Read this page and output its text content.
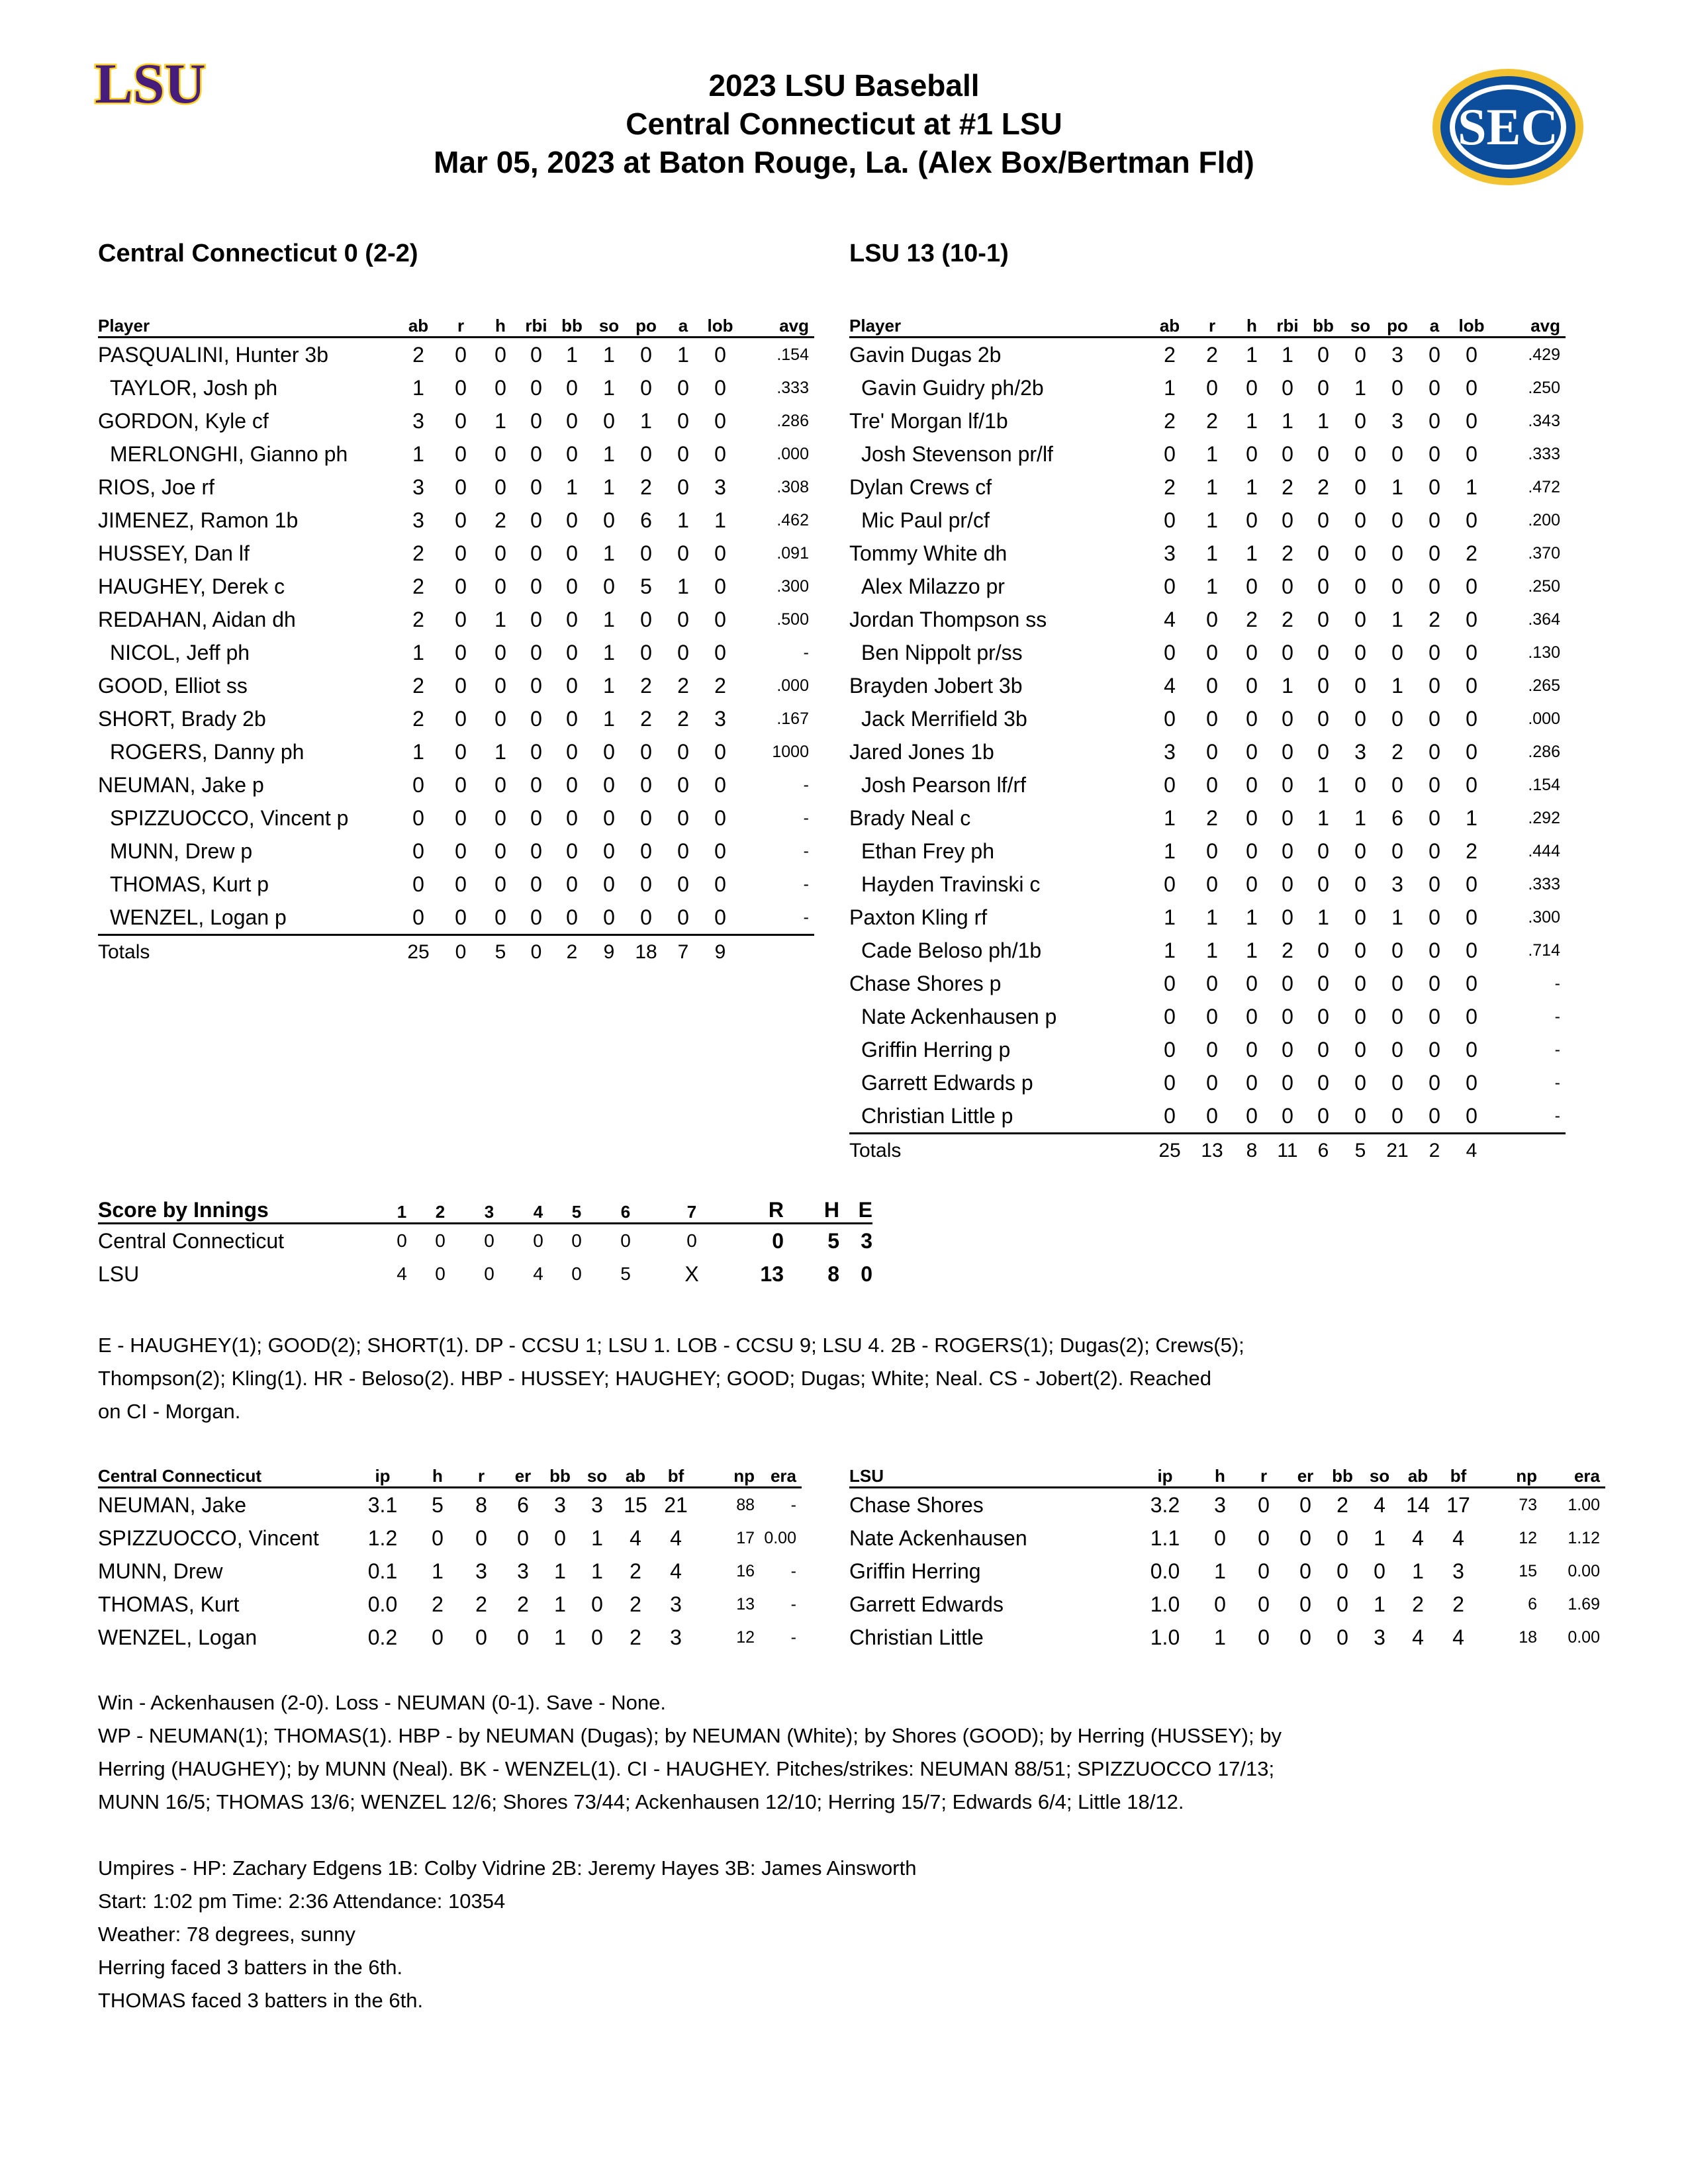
LSU
SEC
2023 LSU Baseball
Central Connecticut at #1 LSU
Mar 05, 2023 at Baton Rouge, La. (Alex Box/Bertman Fld)
Central Connecticut 0 (2-2)	LSU 13 (10-1)
Player	ab	r	h	rbi	bb	so	po	a	lob	avg
PASQUALINI, Hunter 3b	2	0	0	0	1	1	0	1	0	.154
TAYLOR, Josh ph	1	0	0	0	0	1	0	0	0	.333
GORDON, Kyle cf	3	0	1	0	0	0	1	0	0	.286
MERLONGHI, Gianno ph	1	0	0	0	0	1	0	0	0	.000
RIOS, Joe rf	3	0	0	0	1	1	2	0	3	.308
JIMENEZ, Ramon 1b	3	0	2	0	0	0	6	1	1	.462
HUSSEY, Dan lf	2	0	0	0	0	1	0	0	0	.091
HAUGHEY, Derek c	2	0	0	0	0	0	5	1	0	.300
REDAHAN, Aidan dh	2	0	1	0	0	1	0	0	0	.500
NICOL, Jeff ph	1	0	0	0	0	1	0	0	0	-
GOOD, Elliot ss	2	0	0	0	0	1	2	2	2	.000
SHORT, Brady 2b	2	0	0	0	0	1	2	2	3	.167
ROGERS, Danny ph	1	0	1	0	0	0	0	0	0	1000
NEUMAN, Jake p	0	0	0	0	0	0	0	0	0	-
SPIZZUOCCO, Vincent p	0	0	0	0	0	0	0	0	0	-
MUNN, Drew p	0	0	0	0	0	0	0	0	0	-
THOMAS, Kurt p	0	0	0	0	0	0	0	0	0	-
WENZEL, Logan p	0	0	0	0	0	0	0	0	0	-
Totals	25	0	5	0	2	9	18	7	9	
Player	ab	r	h	rbi	bb	so	po	a	lob	avg
Gavin Dugas 2b	2	2	1	1	0	0	3	0	0	.429
Gavin Guidry ph/2b	1	0	0	0	0	1	0	0	0	.250
Tre' Morgan lf/1b	2	2	1	1	1	0	3	0	0	.343
Josh Stevenson pr/lf	0	1	0	0	0	0	0	0	0	.333
Dylan Crews cf	2	1	1	2	2	0	1	0	1	.472
Mic Paul pr/cf	0	1	0	0	0	0	0	0	0	.200
Tommy White dh	3	1	1	2	0	0	0	0	2	.370
Alex Milazzo pr	0	1	0	0	0	0	0	0	0	.250
Jordan Thompson ss	4	0	2	2	0	0	1	2	0	.364
Ben Nippolt pr/ss	0	0	0	0	0	0	0	0	0	.130
Brayden Jobert 3b	4	0	0	1	0	0	1	0	0	.265
Jack Merrifield 3b	0	0	0	0	0	0	0	0	0	.000
Jared Jones 1b	3	0	0	0	0	3	2	0	0	.286
Josh Pearson lf/rf	0	0	0	0	1	0	0	0	0	.154
Brady Neal c	1	2	0	0	1	1	6	0	1	.292
Ethan Frey ph	1	0	0	0	0	0	0	0	2	.444
Hayden Travinski c	0	0	0	0	0	0	3	0	0	.333
Paxton Kling rf	1	1	1	0	1	0	1	0	0	.300
Cade Beloso ph/1b	1	1	1	2	0	0	0	0	0	.714
Chase Shores p	0	0	0	0	0	0	0	0	0	-
Nate Ackenhausen p	0	0	0	0	0	0	0	0	0	-
Griffin Herring p	0	0	0	0	0	0	0	0	0	-
Garrett Edwards p	0	0	0	0	0	0	0	0	0	-
Christian Little p	0	0	0	0	0	0	0	0	0	-
Totals	25	13	8	11	6	5	21	2	4	
Score by Innings	1	2	3	4	5	6	7	R	H	E
Central Connecticut	0	0	0	0	0	0	0	0	5	3
LSU	4	0	0	4	0	5	X	13	8	0
E - HAUGHEY(1); GOOD(2); SHORT(1). DP - CCSU 1; LSU 1. LOB - CCSU 9; LSU 4. 2B - ROGERS(1); Dugas(2); Crews(5);
Thompson(2); Kling(1). HR - Beloso(2). HBP - HUSSEY; HAUGHEY; GOOD; Dugas; White; Neal. CS - Jobert(2). Reached
on CI - Morgan.
Central Connecticut	ip	h	r	er	bb	so	ab	bf	np	era
NEUMAN, Jake	3.1	5	8	6	3	3	15	21	88	-
SPIZZUOCCO, Vincent	1.2	0	0	0	0	1	4	4	17	0.00
MUNN, Drew	0.1	1	3	3	1	1	2	4	16	-
THOMAS, Kurt	0.0	2	2	2	1	0	2	3	13	-
WENZEL, Logan	0.2	0	0	0	1	0	2	3	12	-
LSU	ip	h	r	er	bb	so	ab	bf	np	era
Chase Shores	3.2	3	0	0	2	4	14	17	73	1.00
Nate Ackenhausen	1.1	0	0	0	0	1	4	4	12	1.12
Griffin Herring	0.0	1	0	0	0	0	1	3	15	0.00
Garrett Edwards	1.0	0	0	0	0	1	2	2	6	1.69
Christian Little	1.0	1	0	0	0	3	4	4	18	0.00
Win - Ackenhausen (2-0). Loss - NEUMAN (0-1). Save - None.
WP - NEUMAN(1); THOMAS(1). HBP - by NEUMAN (Dugas); by NEUMAN (White); by Shores (GOOD); by Herring (HUSSEY); by
Herring (HAUGHEY); by MUNN (Neal). BK - WENZEL(1). CI - HAUGHEY. Pitches/strikes: NEUMAN 88/51; SPIZZUOCCO 17/13;
MUNN 16/5; THOMAS 13/6; WENZEL 12/6; Shores 73/44; Ackenhausen 12/10; Herring 15/7; Edwards 6/4; Little 18/12.
Umpires - HP: Zachary Edgens 1B: Colby Vidrine 2B: Jeremy Hayes 3B: James Ainsworth
Start: 1:02 pm Time: 2:36 Attendance: 10354
Weather: 78 degrees, sunny
Herring faced 3 batters in the 6th.
THOMAS faced 3 batters in the 6th.
